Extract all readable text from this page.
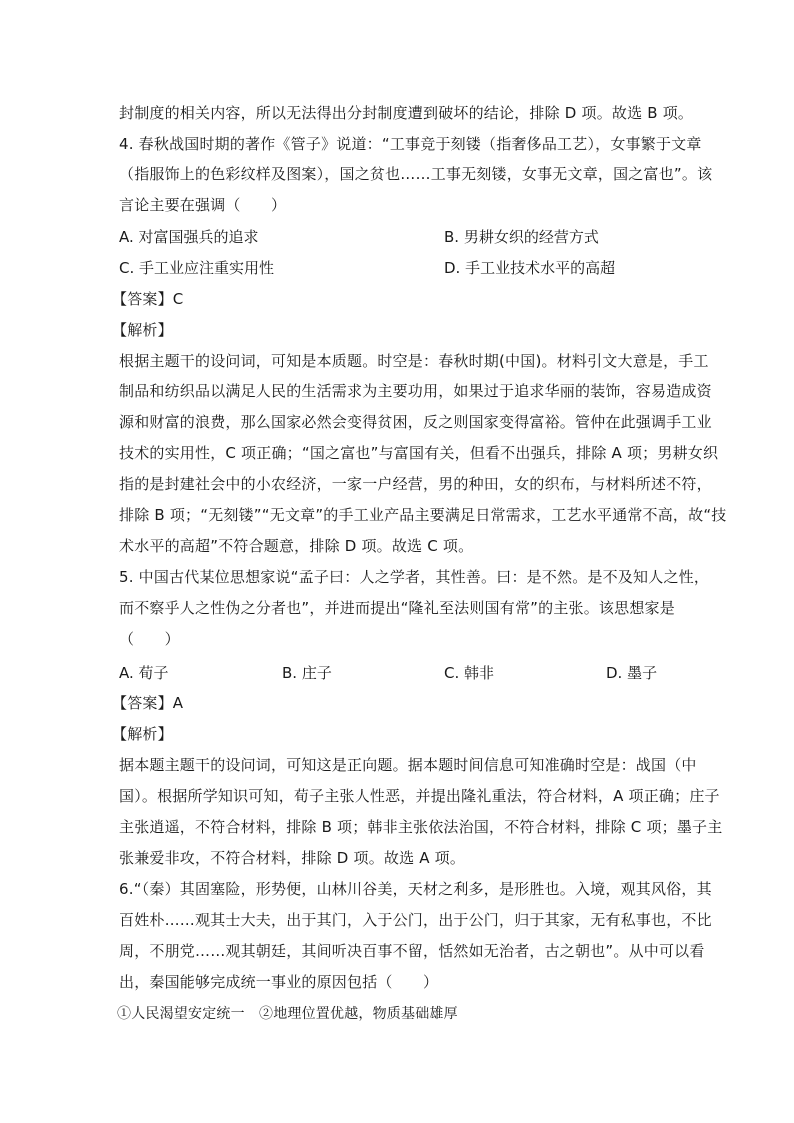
封制度的相关内容，所以无法得出分封制度遭到破坏的结论，排除 D 项。故选 B 项。
4. 春秋战国时期的著作《管子》说道：“工事竞于刻镂（指奢侈品工艺），女事繁于文章
（指服饰上的色彩纹样及图案），国之贫也……工事无刻镂，女事无文章，国之富也”。该
言论主要在强调（　　）
A. 对富国强兵的追求	B. 男耕女织的经营方式
C. 手工业应注重实用性	D. 手工业技术水平的高超
【答案】C
【解析】
根据主题干的设问词，可知是本质题。时空是：春秋时期(中国)。材料引文大意是，手工
制品和纺织品以满足人民的生活需求为主要功用，如果过于追求华丽的装饰，容易造成资
源和财富的浪费，那么国家必然会变得贫困，反之则国家变得富裕。管仲在此强调手工业
技术的实用性，C 项正确；“国之富也”与富国有关，但看不出强兵，排除 A 项；男耕女织
指的是封建社会中的小农经济，一家一户经营，男的种田，女的织布，与材料所述不符，
排除 B 项；“无刻镂”“无文章”的手工业产品主要满足日常需求，工艺水平通常不高，故“技
术水平的高超”不符合题意，排除 D 项。故选 C 项。
5. 中国古代某位思想家说“孟子曰：人之学者，其性善。曰：是不然。是不及知人之性，
而不察乎人之性伪之分者也”，并进而提出“隆礼至法则国有常”的主张。该思想家是
（　　）
A. 荀子	B. 庄子	C. 韩非	D. 墨子
【答案】A
【解析】
据本题主题干的设问词，可知这是正向题。据本题时间信息可知准确时空是：战国（中
国）。根据所学知识可知，荀子主张人性恶，并提出隆礼重法，符合材料，A 项正确；庄子
主张逍遥，不符合材料，排除 B 项；韩非主张依法治国，不符合材料，排除 C 项；墨子主
张兼爱非攻，不符合材料，排除 D 项。故选 A 项。
6.“（秦）其固塞险，形势便，山林川谷美，天材之利多，是形胜也。入境，观其风俗，其
百姓朴……观其士大夫，出于其门，入于公门，出于公门，归于其家，无有私事也，不比
周，不朋党……观其朝廷，其间听决百事不留，恬然如无治者，古之朝也”。从中可以看
出，秦国能够完成统一事业的原因包括（　　）
①人民渴望安定统一　②地理位置优越，物质基础雄厚
